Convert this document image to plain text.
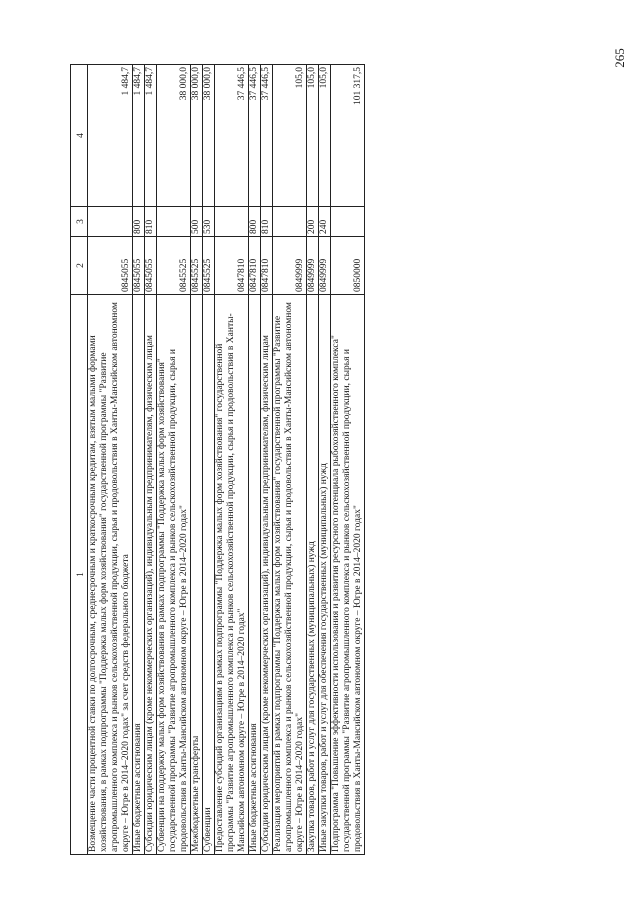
265
1	2	3	4
Возмещение части процентной ставки по долгосрочным, среднесрочным и краткосрочным кредитам, взятым малыми формами хозяйствования, в рамках подпрограммы "Поддержка малых форм хозяйствования" государственной программы "Развитие агропромышленного комплекса и рынков сельскохозяйственной продукции, сырья и продовольствия в Ханты-Мансийском автономном округе – Югре в 2014–2020 годах" за счет средств федерального бюджета	0845055		1 484,7
Иные бюджетные ассигнования	0845055	800	1 484,7
Субсидии юридическим лицам (кроме некоммерческих организаций), индивидуальным предпринимателям, физическим лицам	0845055	810	1 484,7
Субвенции на поддержку малых форм хозяйствования в рамках подпрограммы "Поддержка малых форм хозяйствования" государственной программы "Развитие агропромышленного комплекса и рынков сельскохозяйственной продукции, сырья и продовольствия в Ханты-Мансийском автономном округе – Югре в 2014–2020 годах"	0845525		38 000,0
Межбюджетные трансферты	0845525	500	38 000,0
Субвенции	0845525	530	38 000,0
Предоставление субсидий организациям в рамках подпрограммы "Поддержка малых форм хозяйствования" государственной программы "Развитие агропромышленного комплекса и рынков сельскохозяйственной продукции, сырья и продовольствия в Ханты-Мансийском автономном округе – Югре в 2014–2020 годах"	0847810		37 446,5
Иные бюджетные ассигнования	0847810	800	37 446,5
Субсидии юридическим лицам (кроме некоммерческих организаций), индивидуальным предпринимателям, физическим лицам	0847810	810	37 446,5
Реализация мероприятий в рамках подпрограммы "Поддержка малых форм хозяйствования" государственной программы "Развитие агропромышленного комплекса и рынков сельскохозяйственной продукции, сырья и продовольствия в Ханты-Мансийском автономном округе – Югре в 2014–2020 годах"	0849999		105,0
Закупка товаров, работ и услуг для государственных (муниципальных) нужд	0849999	200	105,0
Иные закупки товаров, работ и услуг для обеспечения государственных (муниципальных) нужд	0849999	240	105,0
Подпрограмма "Повышение эффективности использования и развития ресурсного потенциала рыбохозяйственного комплекса" государственной программы "Развитие агропромышленного комплекса и рынков сельскохозяйственной продукции, сырья и продовольствия в Ханты-Мансийском автономном округе – Югре в 2014–2020 годах"	0850000		101 317,5
